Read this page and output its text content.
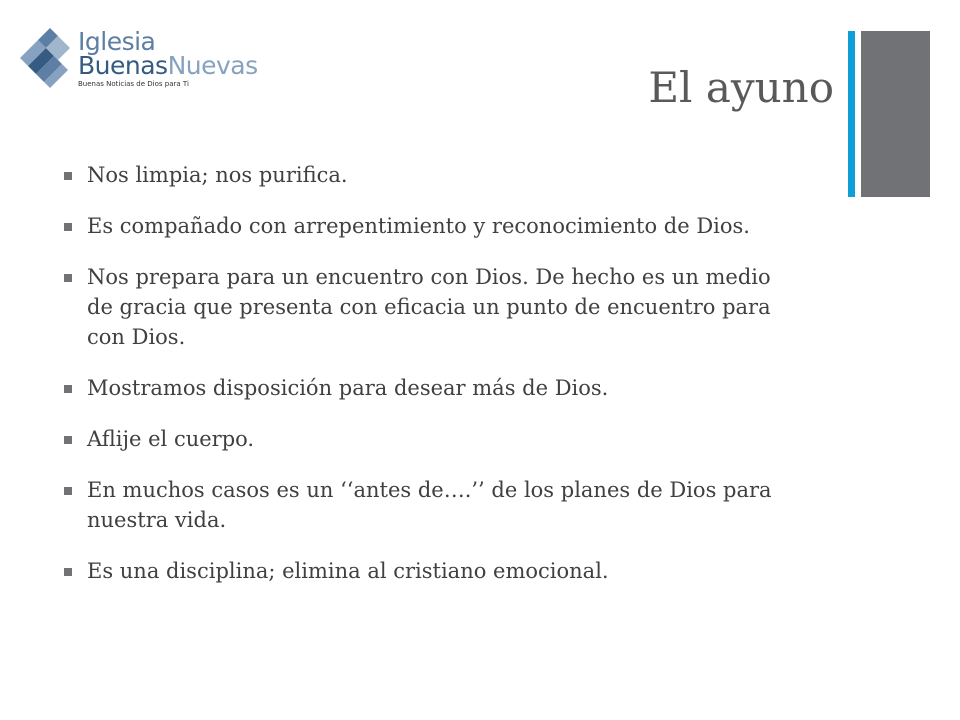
Iglesia
BuenasNuevas
Buenas Noticias de Dios para Ti	El ayuno
Nos limpia; nos purifica.
Es compañado con arrepentimiento y reconocimiento de Dios.
Nos prepara para un encuentro con Dios. De hecho es un medio de gracia que presenta con eficacia un punto de encuentro para con Dios.
Mostramos disposición para desear más de Dios.
Aflije el cuerpo.
En muchos casos es un ‘‘antes de….’’ de los planes de Dios para nuestra vida.
Es una disciplina; elimina al cristiano emocional.
